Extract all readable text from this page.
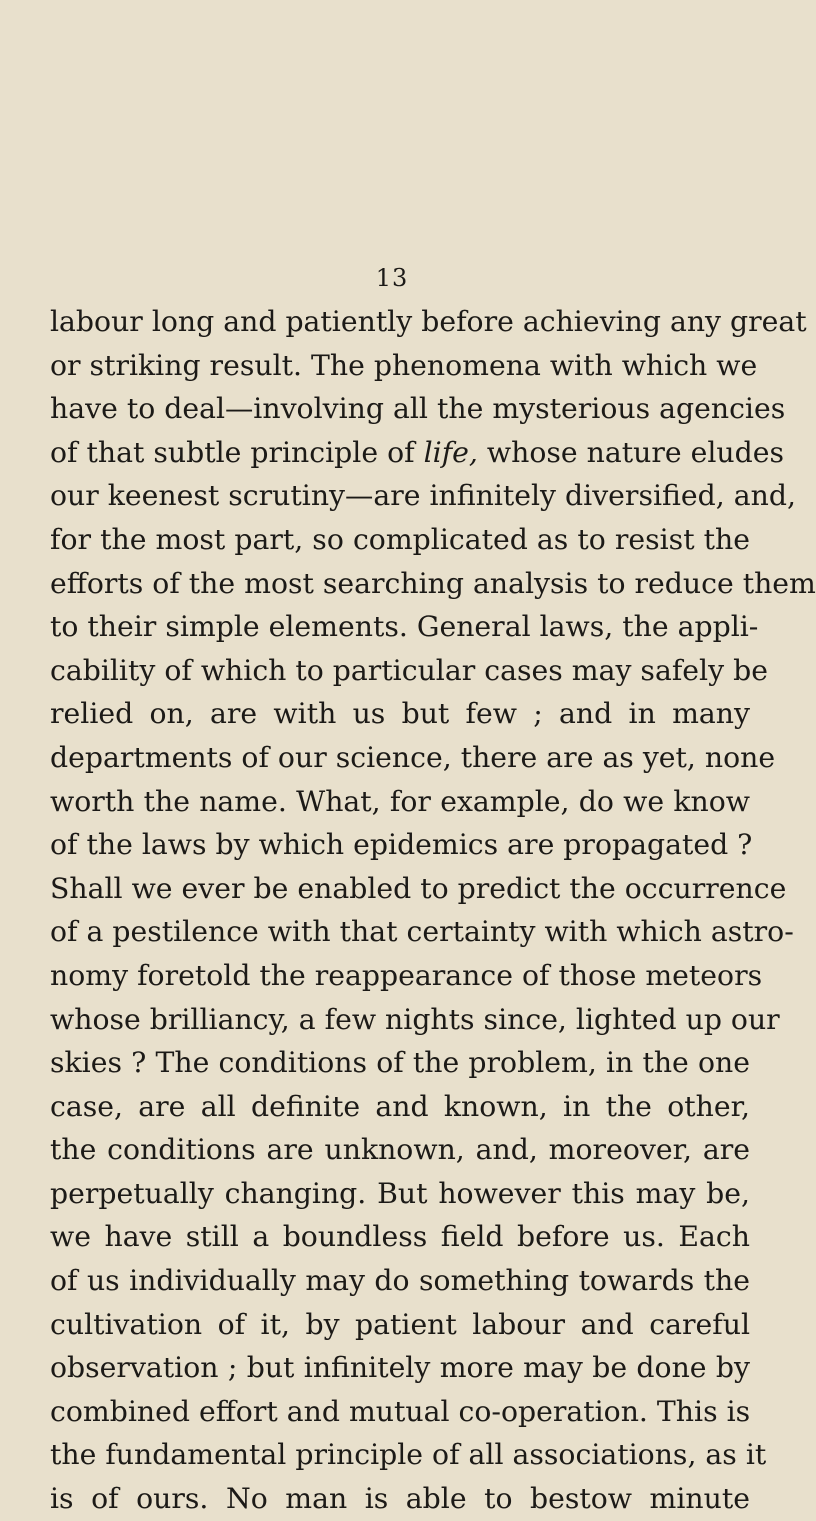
13
labour long and patiently before achieving any great
or striking result. The phenomena with which we
have to deal—involving all the mysterious agencies
of that subtle principle of life, whose nature eludes
our keenest scrutiny—are infinitely diversified, and,
for the most part, so complicated as to resist the
efforts of the most searching analysis to reduce them
to their simple elements. General laws, the appli-
cability of which to particular cases may safely be
relied on, are with us but few ; and in many
departments of our science, there are as yet, none
worth the name. What, for example, do we know
of the laws by which epidemics are propagated ?
Shall we ever be enabled to predict the occurrence
of a pestilence with that certainty with which astro-
nomy foretold the reappearance of those meteors
whose brilliancy, a few nights since, lighted up our
skies ? The conditions of the problem, in the one
case, are all definite and known, in the other,
the conditions are unknown, and, moreover, are
perpetually changing. But however this may be,
we have still a boundless field before us. Each
of us individually may do something towards the
cultivation of it, by patient labour and careful
observation ; but infinitely more may be done by
combined effort and mutual co-operation. This is
the fundamental principle of all associations, as it
is of ours. No man is able to bestow minute
